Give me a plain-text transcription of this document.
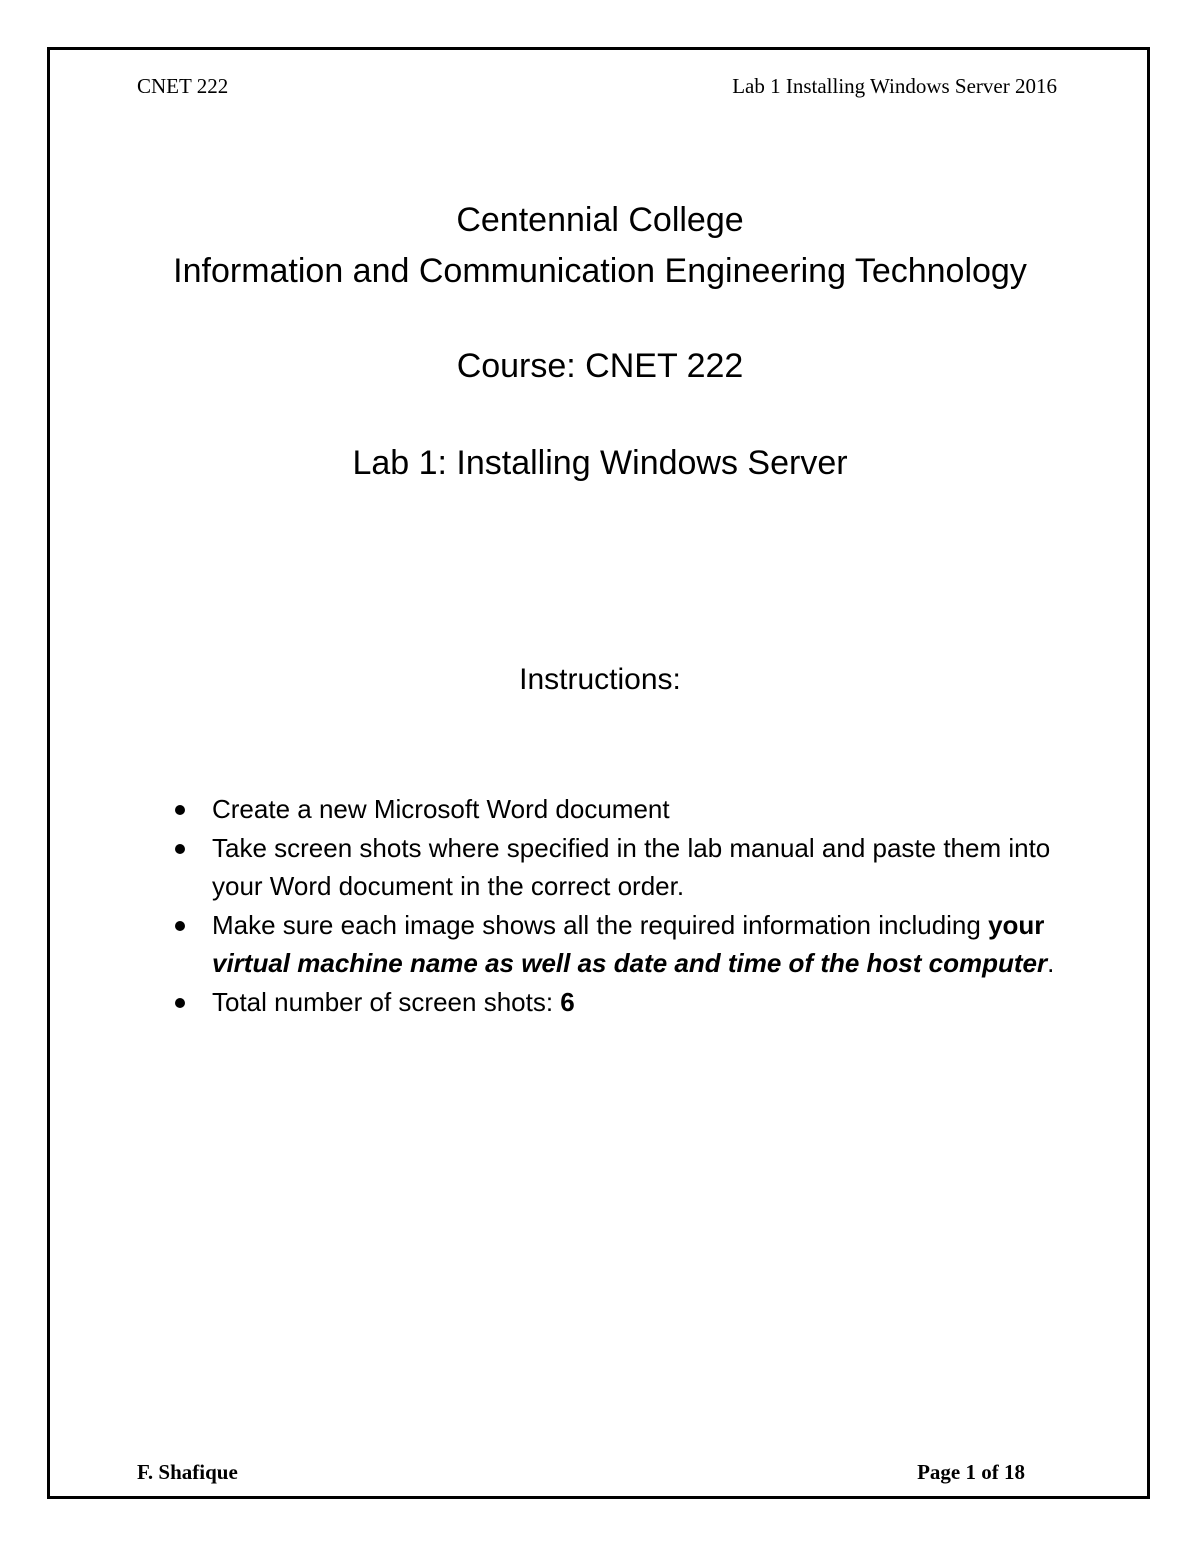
CNET 222	Lab 1 Installing Windows Server 2016
Centennial College
Information and Communication Engineering Technology
Course: CNET 222
Lab 1: Installing Windows Server
Instructions:
Create a new Microsoft Word document
Take screen shots where specified in the lab manual and paste them into your Word document in the correct order.
Make sure each image shows all the required information including your virtual machine name as well as date and time of the host computer.
Total number of screen shots: 6
F. Shafique	Page 1 of 18
